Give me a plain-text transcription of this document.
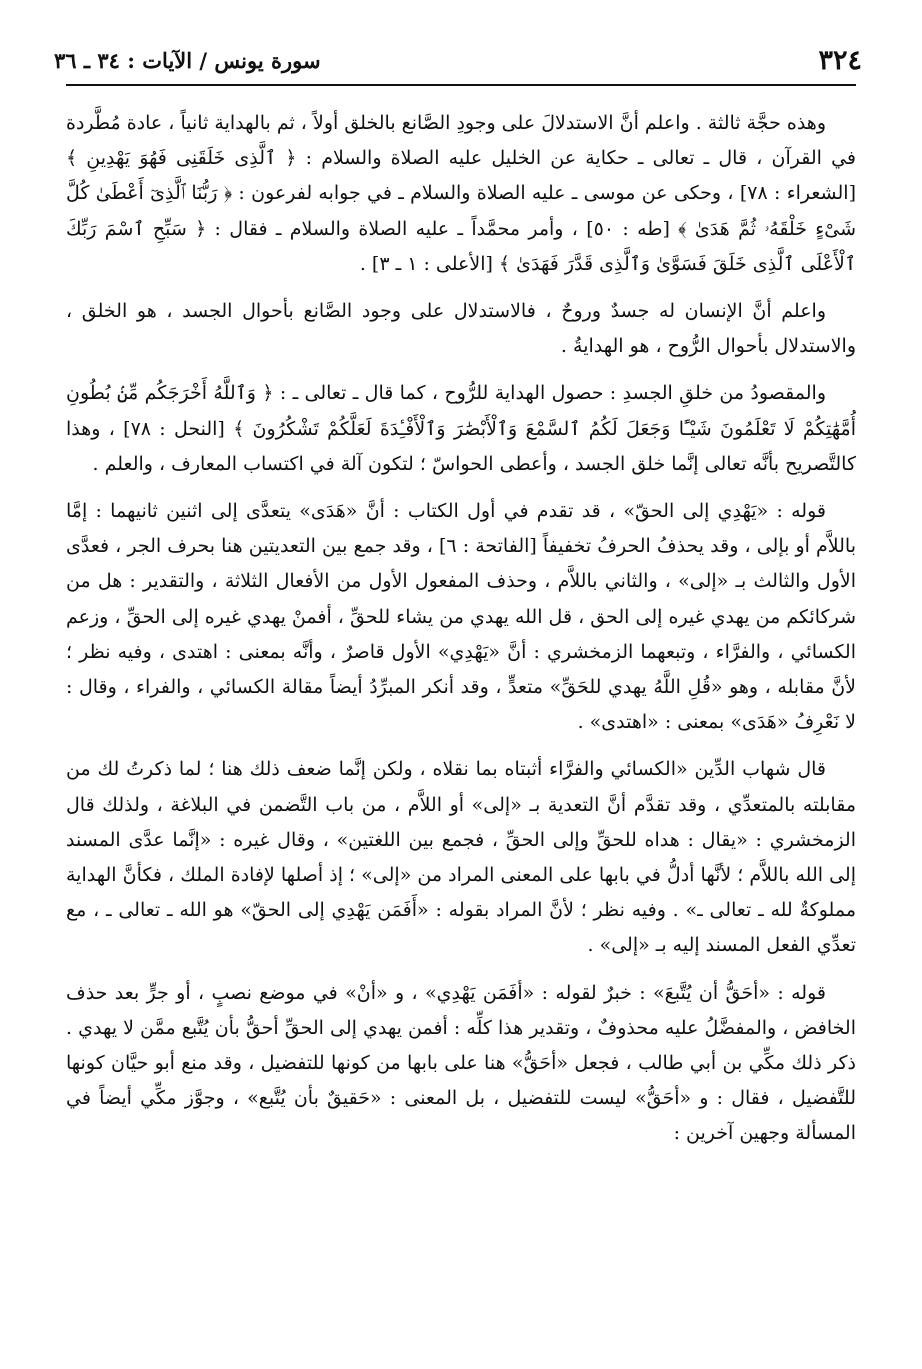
٣٢٤
سورة يونس / الآيات : ٣٤ ـ ٣٦

وهذه حجَّة ثالثة . واعلم أنَّ الاستدلالَ على وجودِ الصَّانع بالخلق أولاً ، ثم بالهداية ثانياً ، عادة مُطَّردة في القرآن ، قال ـ تعالى ـ حكاية عن الخليل عليه الصلاة والسلام : ﴿ ٱلَّذِى خَلَقَنِى فَهُوَ يَهْدِينِ ﴾ [الشعراء : ٧٨] ، وحكى عن موسى ـ عليه الصلاة والسلام ـ في جوابه لفرعون : ﴿ رَبُّنَا ٱلَّذِىٓ أَعْطَىٰ كُلَّ شَىْءٍ خَلْقَهُۥ ثُمَّ هَدَىٰ ﴾ [طه : ٥٠] ، وأمر محمَّداً ـ عليه الصلاة والسلام ـ فقال : ﴿ سَبِّحِ ٱسْمَ رَبِّكَ ٱلْأَعْلَى ٱلَّذِى خَلَقَ فَسَوَّىٰ وَٱلَّذِى قَدَّرَ فَهَدَىٰ ﴾ [الأعلى : ١ ـ ٣] .

واعلم أنَّ الإنسان له جسدٌ وروحٌ ، فالاستدلال على وجود الصَّانع بأحوال الجسد ، هو الخلق ، والاستدلال بأحوال الرُّوح ، هو الهدايةُ .

والمقصودُ من خلقِ الجسدِ : حصول الهداية للرُّوح ، كما قال ـ تعالى ـ : ﴿ وَٱللَّهُ أَخْرَجَكُم مِّنۢ بُطُونِ أُمَّهَٰتِكُمْ لَا تَعْلَمُونَ شَيْـًٔا وَجَعَلَ لَكُمُ ٱلسَّمْعَ وَٱلْأَبْصَٰرَ وَٱلْأَفْـِٔدَةَ لَعَلَّكُمْ تَشْكُرُونَ ﴾ [النحل : ٧٨] ، وهذا كالتَّصريح بأنَّه تعالى إنَّما خلق الجسد ، وأعطى الحواسّ ؛ لتكون آلة في اكتساب المعارف ، والعلم .

قوله : «يَهْدِي إلى الحقّ» ، قد تقدم في أول الكتاب : أنَّ «هَدَى» يتعدَّى إلى اثنين ثانيهما : إمَّا باللاَّم أو بإلى ، وقد يحذفُ الحرفُ تخفيفاً [الفاتحة : ٦] ، وقد جمع بين التعديتين هنا بحرف الجر ، فعدَّى الأول والثالث بـ «إلى» ، والثاني باللاَّم ، وحذف المفعول الأول من الأفعال الثلاثة ، والتقدير : هل من شركائكم من يهدي غيره إلى الحق ، قل الله يهدي من يشاء للحقِّ ، أفمنْ يهدي غيره إلى الحقِّ ، وزعم الكسائي ، والفرَّاء ، وتبعهما الزمخشري : أنَّ «يَهْدِي» الأول قاصرٌ ، وأنَّه بمعنى : اهتدى ، وفيه نظر ؛ لأنَّ مقابله ، وهو «قُلِ اللَّهُ يهدي للحَقِّ» متعدٍّ ، وقد أنكر المبرِّدُ أيضاً مقالة الكسائي ، والفراء ، وقال : لا نَعْرِفُ «هَدَى» بمعنى : «اهتدى» .

قال شهاب الدِّين «الكسائي والفرَّاء أثبتاه بما نقلاه ، ولكن إنَّما ضعف ذلك هنا ؛ لما ذكرتُ لك من مقابلته بالمتعدِّي ، وقد تقدَّم أنَّ التعدية بـ «إلى» أو اللاَّم ، من باب التَّضمن في البلاغة ، ولذلك قال الزمخشري : «يقال : هداه للحقِّ وإلى الحقِّ ، فجمع بين اللغتين» ، وقال غيره : «إنَّما عدَّى المسند إلى الله باللاَّم ؛ لأنَّها أدلُّ في بابها على المعنى المراد من «إلى» ؛ إذ أصلها لإفادة الملك ، فكأنَّ الهداية مملوكةٌ لله ـ تعالى ـ» . وفيه نظر ؛ لأنَّ المراد بقوله : «أَفَمَن يَهْدِي إلى الحقّ» هو الله ـ تعالى ـ ، مع تعدِّي الفعل المسند إليه بـ «إلى» .

قوله : «أحَقُّ أن يُتَّبعَ» : خبرٌ لقوله : «أفَمَن يَهْدِي» ، و «أنْ» في موضع نصبٍ ، أو جرٍّ بعد حذف الخافض ، والمفضَّلُ عليه محذوفٌ ، وتقدير هذا كلِّه : أفمن يهدي إلى الحقِّ أحقُّ بأن يُتَّبع ممَّن لا يهدي . ذكر ذلك مكِّي بن أبي طالب ، فجعل «أحَقُّ» هنا على بابها من كونها للتفضيل ، وقد منع أبو حيَّان كونها للتَّفضيل ، فقال : و «أحَقُّ» ليست للتفضيل ، بل المعنى : «حَقيقٌ بأن يُتَّبع» ، وجوَّز مكِّي أيضاً في المسألة وجهين آخرين :
